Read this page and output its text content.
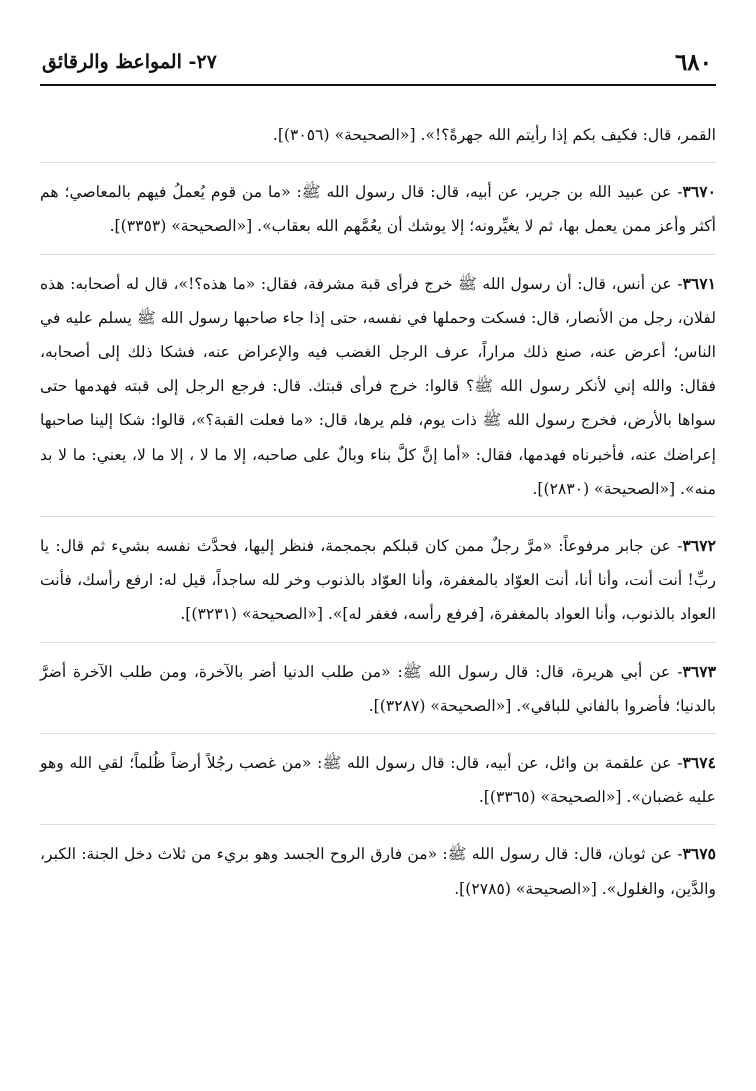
٦٨٠
٢٧- المواعظ والرقائق

القمر، قال: فكيف بكم إذا رأيتم الله جهرةً؟!». [«الصحيحة» (٣٠٥٦)].

٣٦٧٠- عن عبيد الله بن جرير، عن أبيه، قال: قال رسول الله ﷺ: «ما من قوم يُعملُ فيهم بالمعاصي؛ هم أكثر وأعز ممن يعمل بها، ثم لا يغيِّرونه؛ إلا يوشك أن يعُمَّهم الله بعقاب». [«الصحيحة» (٣٣٥٣)].

٣٦٧١- عن أنس، قال: أن رسول الله ﷺ خرج فرأى قبة مشرفة، فقال: «ما هذه؟!»، قال له أصحابه: هذه لفلان، رجل من الأنصار، قال: فسكت وحملها في نفسه، حتى إذا جاء صاحبها رسول الله ﷺ يسلم عليه في الناس؛ أعرض عنه، صنع ذلك مراراً، عرف الرجل الغضب فيه والإعراض عنه، فشكا ذلك إلى أصحابه، فقال: والله إني لأنكر رسول الله ﷺ؟ قالوا: خرج فرأى قبتك. قال: فرجع الرجل إلى قبته فهدمها حتى سواها بالأرض، فخرج رسول الله ﷺ ذات يوم، فلم يرها، قال: «ما فعلت القبة؟»، قالوا: شكا إلينا صاحبها إعراضك عنه، فأخبرناه فهدمها، فقال: «أما إنَّ كلَّ بناء وبالٌ على صاحبه، إلا ما لا ، إلا ما لا، يعني: ما لا بد منه». [«الصحيحة» (٢٨٣٠)].

٣٦٧٢- عن جابر مرفوعاً: «مرَّ رجلٌ ممن كان قبلكم بجمجمة، فنظر إليها، فحدَّث نفسه بشيء ثم قال: يا ربِّ! أنت أنت، وأنا أنا، أنت العوّاد بالمغفرة، وأنا العوّاد بالذنوب وخر لله ساجداً، قيل له: ارفع رأسك، فأنت العواد بالذنوب، وأنا العواد بالمغفرة، [فرفع رأسه، فغفر له]». [«الصحيحة» (٣٢٣١)].

٣٦٧٣- عن أبي هريرة، قال: قال رسول الله ﷺ: «من طلب الدنيا أضر بالآخرة، ومن طلب الآخرة أضرَّ بالدنيا؛ فأضروا بالفاني للباقي». [«الصحيحة» (٣٢٨٧)].

٣٦٧٤- عن علقمة بن وائل، عن أبيه، قال: قال رسول الله ﷺ: «من غصب رجُلاً أرضاً ظُلماً؛ لقي الله وهو عليه غضبان». [«الصحيحة» (٣٣٦٥)].

٣٦٧٥- عن ثوبان، قال: قال رسول الله ﷺ: «من فارق الروح الجسد وهو بريء من ثلاث دخل الجنة: الكبر، والدَّين، والغلول». [«الصحيحة» (٢٧٨٥)].
